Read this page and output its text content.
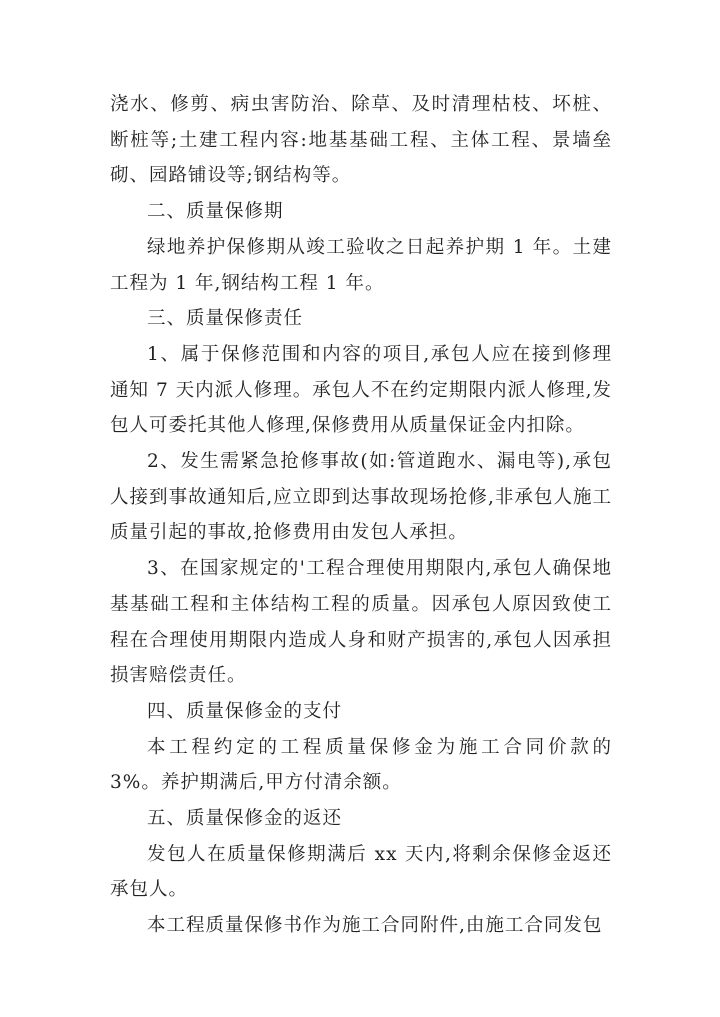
浇水、修剪、病虫害防治、除草、及时清理枯枝、坏桩、断桩等;土建工程内容:地基基础工程、主体工程、景墙垒砌、园路铺设等;钢结构等。

二、质量保修期

绿地养护保修期从竣工验收之日起养护期 1 年。土建工程为 1 年,钢结构工程 1 年。

三、质量保修责任

1、属于保修范围和内容的项目,承包人应在接到修理通知 7 天内派人修理。承包人不在约定期限内派人修理,发包人可委托其他人修理,保修费用从质量保证金内扣除。

2、发生需紧急抢修事故(如:管道跑水、漏电等),承包人接到事故通知后,应立即到达事故现场抢修,非承包人施工质量引起的事故,抢修费用由发包人承担。

3、在国家规定的'工程合理使用期限内,承包人确保地基基础工程和主体结构工程的质量。因承包人原因致使工程在合理使用期限内造成人身和财产损害的,承包人因承担损害赔偿责任。

四、质量保修金的支付

本工程约定的工程质量保修金为施工合同价款的 3%。养护期满后,甲方付清余额。

五、质量保修金的返还

发包人在质量保修期满后 xx 天内,将剩余保修金返还承包人。

本工程质量保修书作为施工合同附件,由施工合同发包
